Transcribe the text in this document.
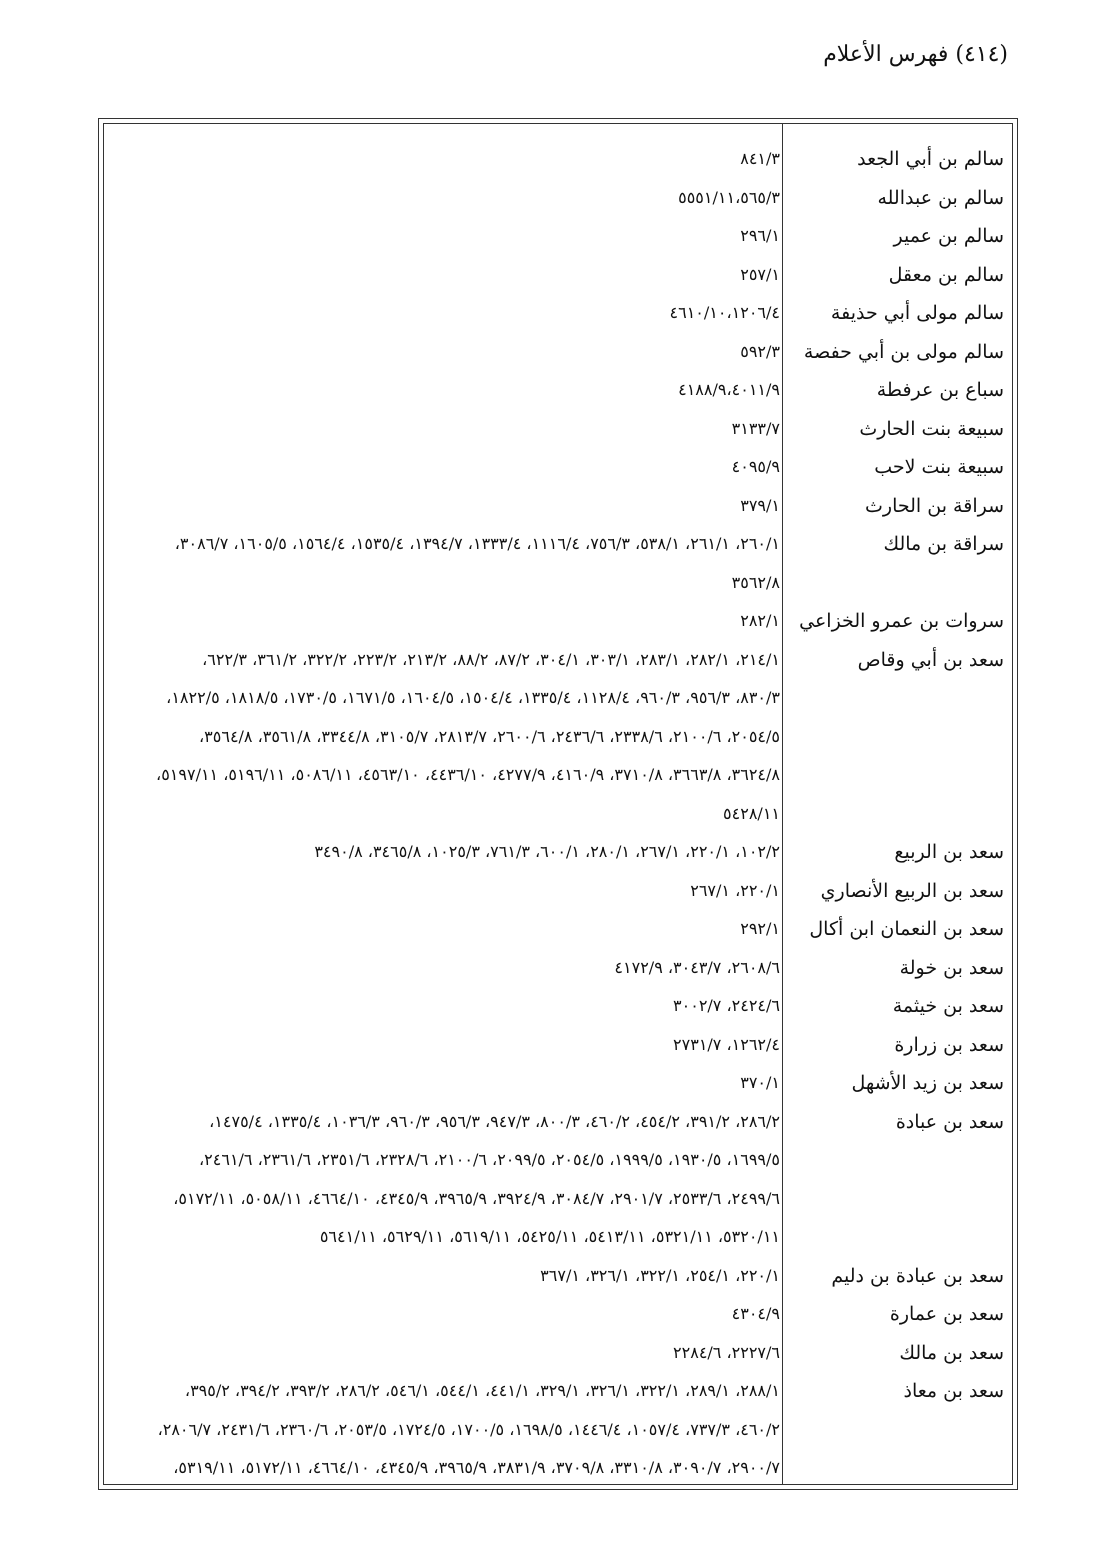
(٤١٤) فهرس الأعلام
سالم بن أبي الجعد
٨٤١/٣
سالم بن عبدالله
٥٥٥١/١١،٥٦٥/٣
سالم بن عمير
٢٩٦/١
سالم بن معقل
٢٥٧/١
سالم مولى أبي حذيفة
٤٦١٠/١٠،١٢٠٦/٤
سالم مولى بن أبي حفصة
٥٩٢/٣
سباع بن عرفطة
٤١٨٨/٩،٤٠١١/٩
سبيعة بنت الحارث
٣١٣٣/٧
سبيعة بنت لاحب
٤٠٩٥/٩
سراقة بن الحارث
٣٧٩/١
سراقة بن مالك
٢٦٠/١، ٢٦١/١، ٥٣٨/١، ٧٥٦/٣، ١١١٦/٤، ١٣٣٣/٤، ١٣٩٤/٧، ١٥٣٥/٤، ١٥٦٤/٤، ١٦٠٥/٥، ٣٠٨٦/٧،
٣٥٦٢/٨
سروات بن عمرو الخزاعي
٢٨٢/١
سعد بن أبي وقاص
٢١٤/١، ٢٨٢/١، ٢٨٣/١، ٣٠٣/١، ٣٠٤/١، ٨٧/٢، ٨٨/٢، ٢١٣/٢، ٢٢٣/٢، ٣٢٢/٢، ٣٦١/٢، ٦٢٢/٣،
٨٣٠/٣، ٩٥٦/٣، ٩٦٠/٣، ١١٢٨/٤، ١٣٣٥/٤، ١٥٠٤/٤، ١٦٠٤/٥، ١٦٧١/٥، ١٧٣٠/٥، ١٨١٨/٥، ١٨٢٢/٥،
٢٠٥٤/٥، ٢١٠٠/٦، ٢٣٣٨/٦، ٢٤٣٦/٦، ٢٦٠٠/٦، ٢٨١٣/٧، ٣١٠٥/٧، ٣٣٤٤/٨، ٣٥٦١/٨، ٣٥٦٤/٨،
٣٦٢٤/٨، ٣٦٦٣/٨، ٣٧١٠/٨، ٤١٦٠/٩، ٤٢٧٧/٩، ٤٤٣٦/١٠، ٤٥٦٣/١٠، ٥٠٨٦/١١، ٥١٩٦/١١، ٥١٩٧/١١،
٥٤٢٨/١١
سعد بن الربيع
١٠٢/٢، ٢٢٠/١، ٢٦٧/١، ٢٨٠/١، ٦٠٠/١، ٧٦١/٣، ١٠٢٥/٣، ٣٤٦٥/٨، ٣٤٩٠/٨
سعد بن الربيع الأنصاري
٢٢٠/١، ٢٦٧/١
سعد بن النعمان ابن أكال
٢٩٢/١
سعد بن خولة
٢٦٠٨/٦، ٣٠٤٣/٧، ٤١٧٢/٩
سعد بن خيثمة
٢٤٢٤/٦، ٣٠٠٢/٧
سعد بن زرارة
١٢٦٢/٤، ٢٧٣١/٧
سعد بن زيد الأشهل
٣٧٠/١
سعد بن عبادة
٢٨٦/٢، ٣٩١/٢، ٤٥٤/٢، ٤٦٠/٢، ٨٠٠/٣، ٩٤٧/٣، ٩٥٦/٣، ٩٦٠/٣، ١٠٣٦/٣، ١٣٣٥/٤، ١٤٧٥/٤،
١٦٩٩/٥، ١٩٣٠/٥، ١٩٩٩/٥، ٢٠٥٤/٥، ٢٠٩٩/٥، ٢١٠٠/٦، ٢٣٢٨/٦، ٢٣٥١/٦، ٢٣٦١/٦، ٢٤٦١/٦،
٢٤٩٩/٦، ٢٥٣٣/٦، ٢٩٠١/٧، ٣٠٨٤/٧، ٣٩٢٤/٩، ٣٩٦٥/٩، ٤٣٤٥/٩، ٤٦٦٤/١٠، ٥٠٥٨/١١، ٥١٧٢/١١،
٥٣٢٠/١١، ٥٣٢١/١١، ٥٤١٣/١١، ٥٤٢٥/١١، ٥٦١٩/١١، ٥٦٢٩/١١، ٥٦٤١/١١
سعد بن عبادة بن دليم
٢٢٠/١، ٢٥٤/١، ٣٢٢/١، ٣٢٦/١، ٣٦٧/١
سعد بن عمارة
٤٣٠٤/٩
سعد بن مالك
٢٢٢٧/٦، ٢٢٨٤/٦
سعد بن معاذ
٢٨٨/١، ٢٨٩/١، ٣٢٢/١، ٣٢٦/١، ٣٢٩/١، ٤٤١/١، ٥٤٤/١، ٥٤٦/١، ٢٨٦/٢، ٣٩٣/٢، ٣٩٤/٢، ٣٩٥/٢،
٤٦٠/٢، ٧٣٧/٣، ١٠٥٧/٤، ١٤٤٦/٤، ١٦٩٨/٥، ١٧٠٠/٥، ١٧٢٤/٥، ٢٠٥٣/٥، ٢٣٦٠/٦، ٢٤٣١/٦، ٢٨٠٦/٧،
٢٩٠٠/٧، ٣٠٩٠/٧، ٣٣١٠/٨، ٣٧٠٩/٨، ٣٨٣١/٩، ٣٩٦٥/٩، ٤٣٤٥/٩، ٤٦٦٤/١٠، ٥١٧٢/١١، ٥٣١٩/١١،
